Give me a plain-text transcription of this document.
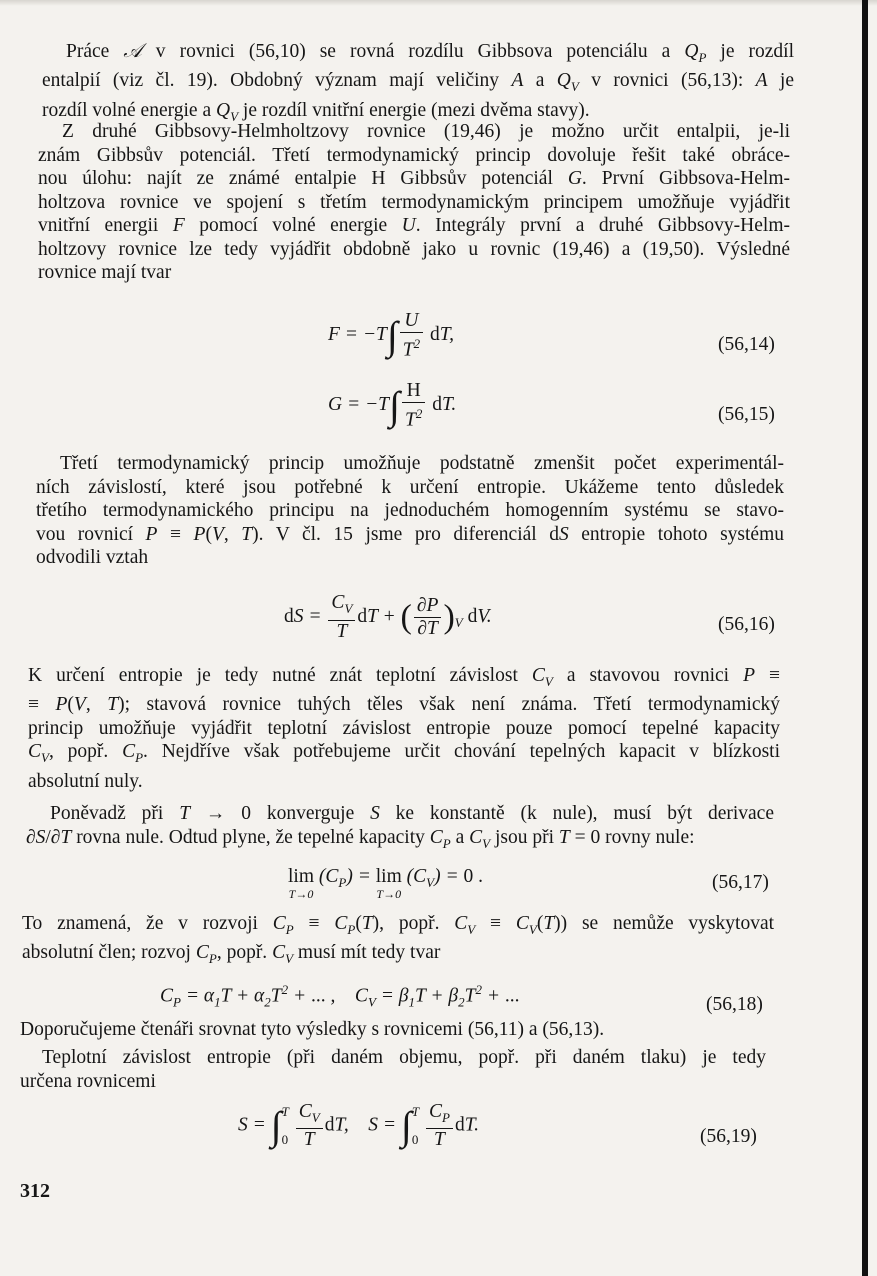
Práce 𝒜 v rovnici (56,10) se rovná rozdílu Gibbsova potenciálu a $Q_P$ je rozdíl
entalpií (viz čl. 19). Obdobný význam mají veličiny A a $Q_V$ v rovnici (56,13): A je
rozdíl volné energie a $Q_V$ je rozdíl vnitřní energie (mezi dvěma stavy).
Z druhé Gibbsovy-Helmholtzovy rovnice (19,46) je možno určit entalpii, je-li
znám Gibbsův potenciál. Třetí termodynamický princip dovoluje řešit také obráce-
nou úlohu: najít ze známé entalpie H Gibbsův potenciál G. První Gibbsova-Helm-
holtzova rovnice ve spojení s třetím termodynamickým principem umožňuje vyjádřit
vnitřní energii F pomocí volné energie U. Integrály první a druhé Gibbsovy-Helm-
holtzovy rovnice lze tedy vyjádřit obdobně jako u rovnic (19,46) a (19,50). Výsledné
rovnice mají tvar
$F = -T\int \frac{U}{T^2}$ dT,	(56,14)
$G = -T\int \frac{H}{T^2}$ dT.	(56,15)
Třetí termodynamický princip umožňuje podstatně zmenšit počet experimentál-
ních závislostí, které jsou potřebné k určení entropie. Ukážeme tento důsledek
třetího termodynamického principu na jednoduchém homogenním systému se stavo-
vou rovnicí P ≡ P(V, T). V čl. 15 jsme pro diferenciál dS entropie tohoto systému
odvodili vztah
dS = $\frac{C_V}{T}$ dT + ( $\frac{\partial P}{\partial T} )_V$ dV.	(56,16)
K určení entropie je tedy nutné znát teplotní závislost $C_V$ a stavovou rovnici P ≡
≡ P(V, T); stavová rovnice tuhých těles však není známa. Třetí termodynamický
princip umožňuje vyjádřit teplotní závislost entropie pouze pomocí tepelné kapacity
$C_V$, popř. $C_P$. Nejdříve však potřebujeme určit chování tepelných kapacit v blízkosti
absolutní nuly.
Poněvadž při T → 0 konverguje S ke konstantě (k nule), musí být derivace
∂S/∂T rovna nule. Odtud plyne, že tepelné kapacity $C_P$ a $C_V$ jsou při T = 0 rovny nule:
lim
T→0
$(C_P) = \lim$
T→0
$(C_V) = 0$ .	(56,17)
To znamená, že v rozvoji $C_P \equiv C_P(T)$, popř. $C_V \equiv C_V(T)$) se nemůže vyskytovat
absolutní člen; rozvoj $C_P$, popř. $C_V$ musí mít tedy tvar
$C_P = \alpha_1T + \alpha_2T^2$ + ... ,    $C_V = \beta_1T + \beta_2T^2$ + ...	(56,18)
Doporučujeme čtenáři srovnat tyto výsledky s rovnicemi (56,11) a (56,13).
Teplotní závislost entropie (při daném objemu, popř. při daném tlaku) je tedy
určena rovnicemi
S = ∫ T
0
$\frac{C_V}{T}$ dT,    S = ∫ T
0
$\frac{C_P}{T}$ dT.
(56,19)
312
